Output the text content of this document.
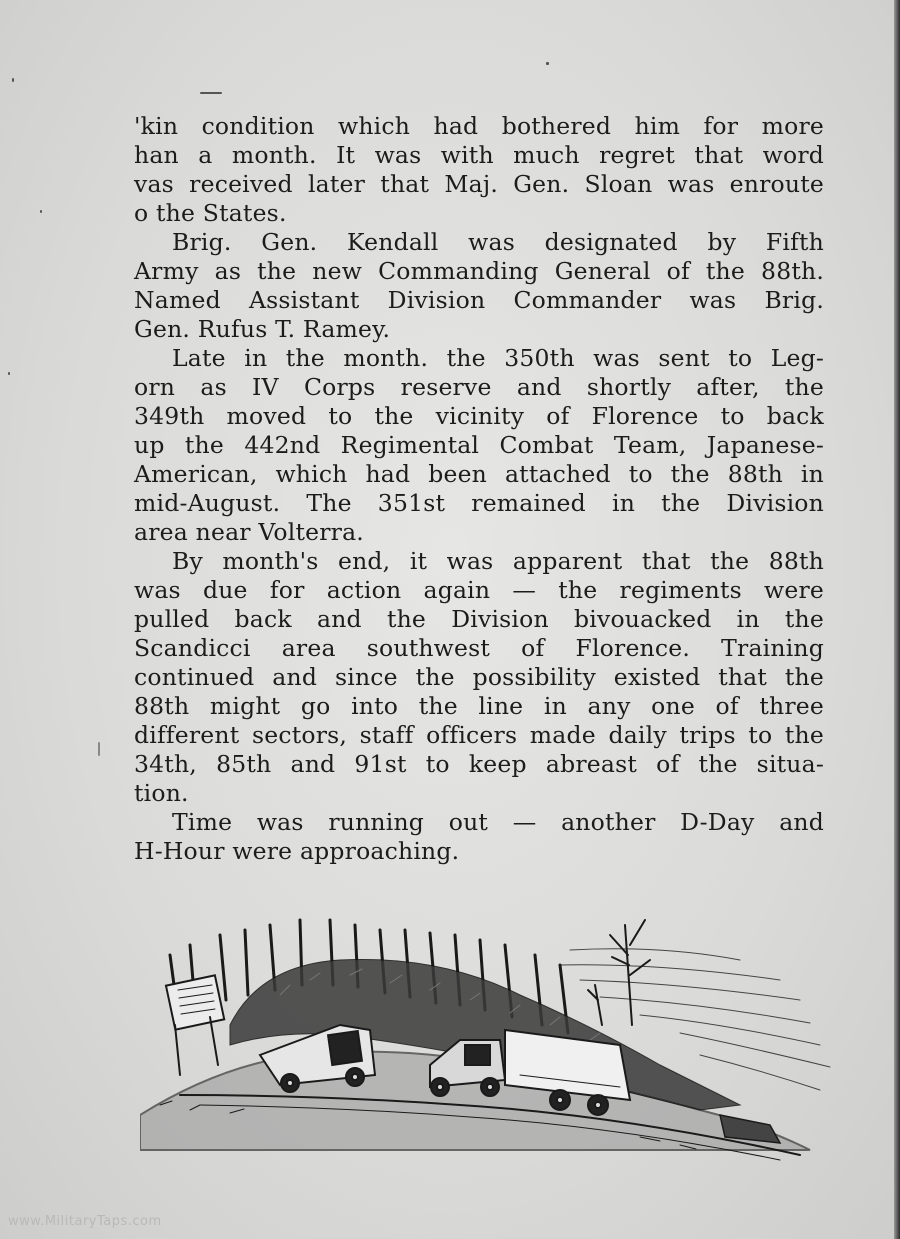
'kin condition which had bothered him for more
han a month. It was with much regret that word
vas received later that Maj. Gen. Sloan was enroute
o the States.
Brig. Gen. Kendall was designated by Fifth
Army as the new Commanding General of the 88th.
Named Assistant Division Commander was Brig.
Gen. Rufus T. Ramey.
Late in the month. the 350th was sent to Leg-
orn as IV Corps reserve and shortly after, the
349th moved to the vicinity of Florence to back
up the 442nd Regimental Combat Team, Japanese-
American, which had been attached to the 88th in
mid-August. The 351st remained in the Division
area near Volterra.
By month's end, it was apparent that the 88th
was due for action again — the regiments were
pulled back and the Division bivouacked in the
Scandicci area southwest of Florence. Training
continued and since the possibility existed that the
88th might go into the line in any one of three
different sectors, staff officers made daily trips to the
34th, 85th and 91st to keep abreast of the situa-
tion.
Time was running out — another D-Day and
H-Hour were approaching.
www.MilitaryTaps.com
